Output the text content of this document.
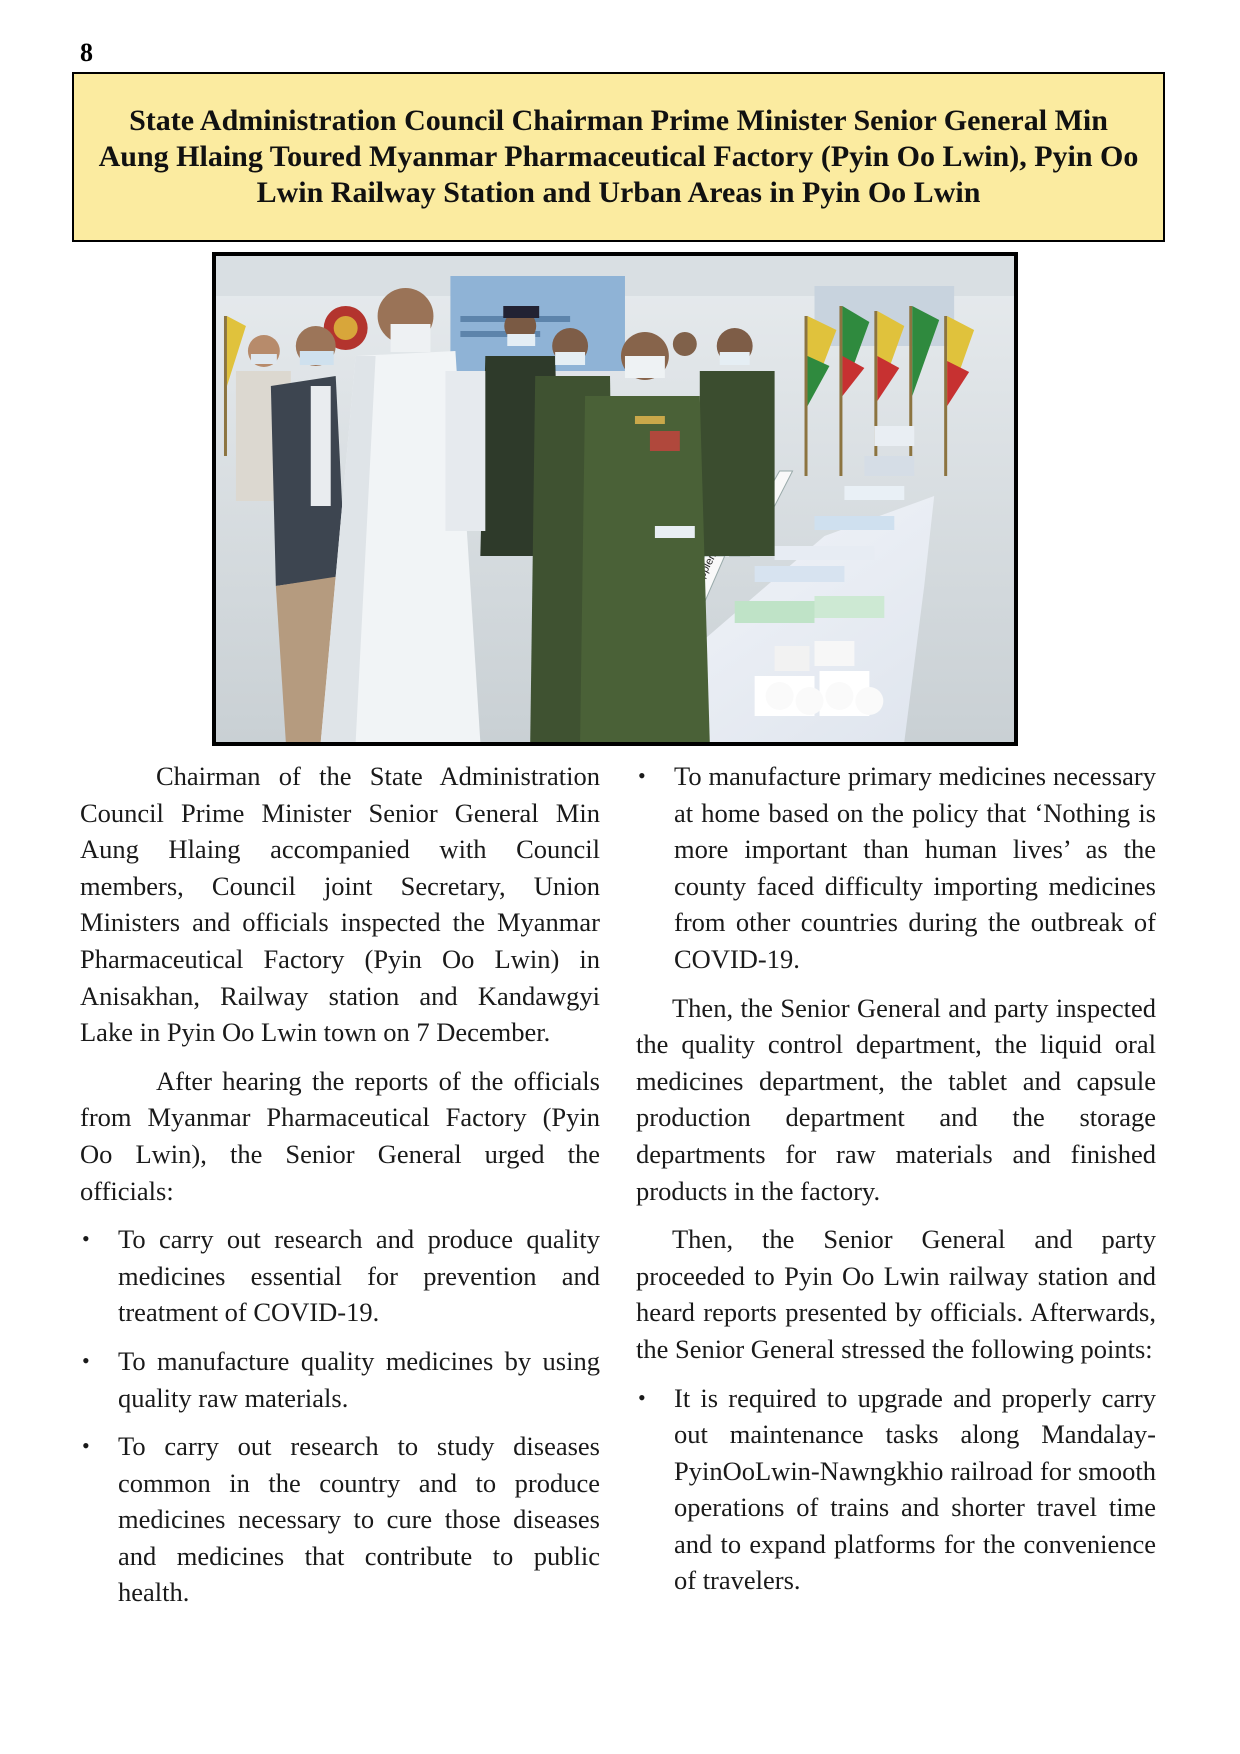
8
State Administration Council Chairman Prime Minister Senior General Min Aung Hlaing Toured Myanmar Pharmaceutical Factory (Pyin Oo Lwin), Pyin Oo Lwin Railway Station and Urban Areas in Pyin Oo Lwin
Supplement

Chairman of the State Administration Council Prime Minister Senior General Min Aung Hlaing accompanied with Council members, Council joint Secretary, Union Ministers and officials inspected the Myanmar Pharmaceutical Factory (Pyin Oo Lwin) in Anisakhan, Railway station and Kandawgyi Lake in Pyin Oo Lwin town on 7 December.

After hearing the reports of the officials from Myanmar Pharmaceutical Factory (Pyin Oo Lwin), the Senior General urged the officials:

• To carry out research and produce quality medicines essential for prevention and treatment of COVID-19.
• To manufacture quality medicines by using quality raw materials.
• To carry out research to study diseases common in the country and to produce medicines necessary to cure those diseases and medicines that contribute to public health.
• To manufacture primary medicines necessary at home based on the policy that ‘Nothing is more important than human lives’ as the county faced difficulty importing medicines from other countries during the outbreak of COVID-19.

Then, the Senior General and party inspected the quality control department, the liquid oral medicines department, the tablet and capsule production department and the storage departments for raw materials and finished products in the factory.

Then, the Senior General and party proceeded to Pyin Oo Lwin railway station and heard reports presented by officials. Afterwards, the Senior General stressed the following points:

• It is required to upgrade and properly carry out maintenance tasks along Mandalay-PyinOoLwin-Nawngkhio railroad for smooth operations of trains and shorter travel time and to expand platforms for the convenience of travelers.
